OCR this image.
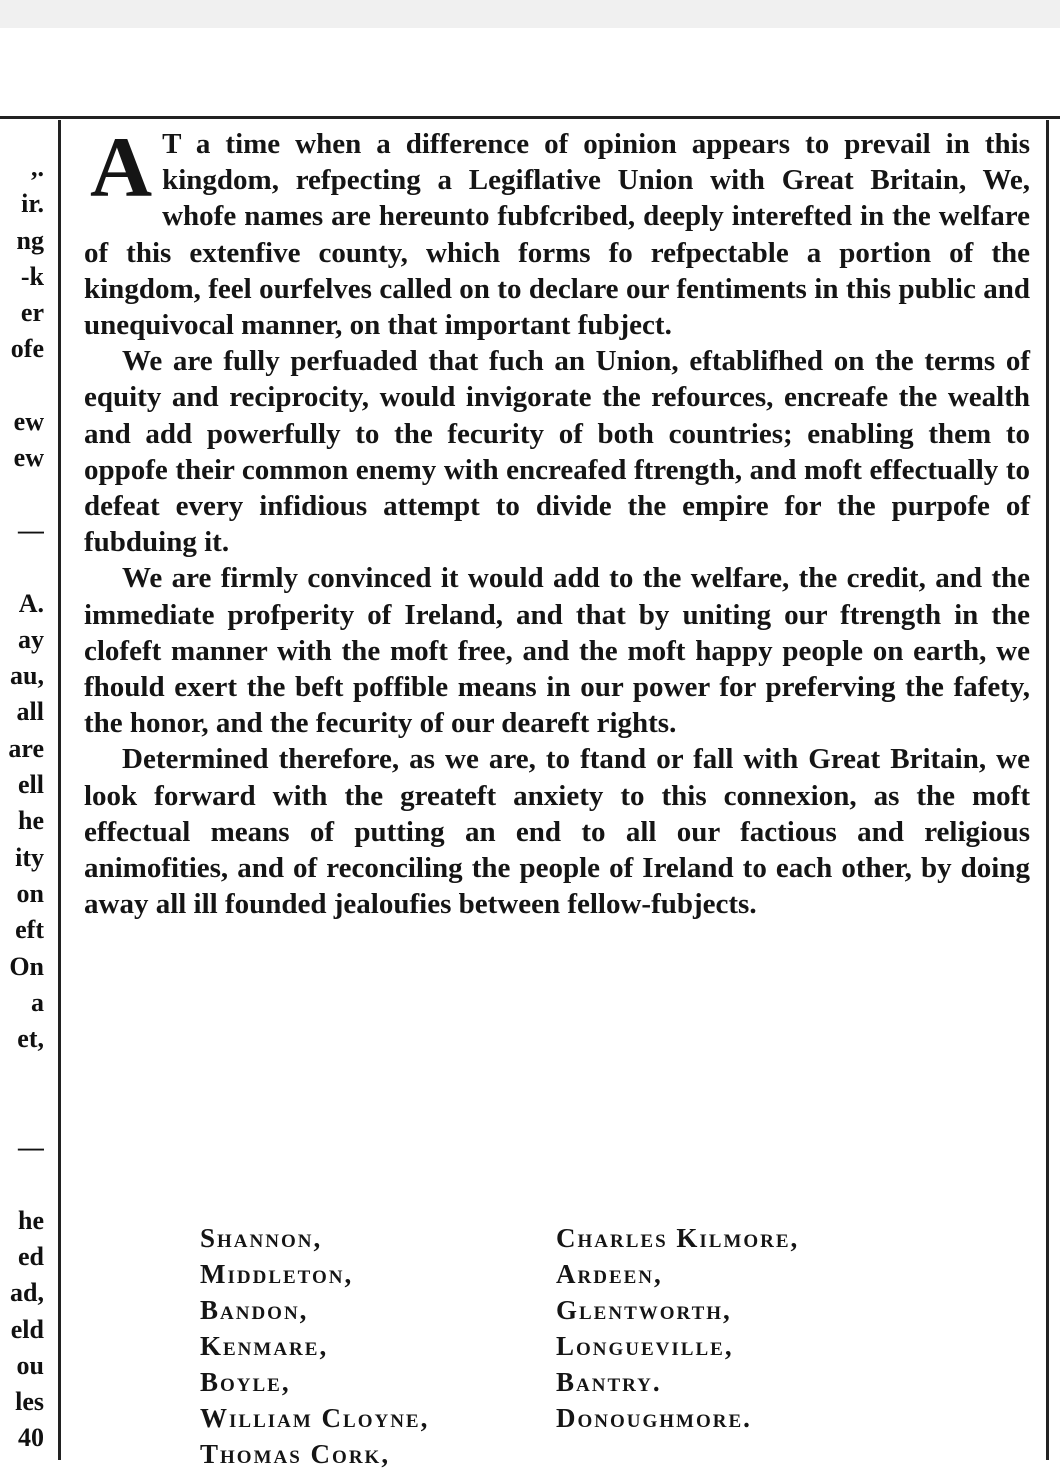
,.
ir.
ng
-k
er
ofe
ew
ew
—
A.
ay
au,
all
are
ell
he
ity
on
eft
On
a
et,
—
he
ed
ad,
eld
ou
les
40

A T a time when a difference of opinion appears to prevail in this kingdom, refpecting a Legiflative Union with Great Britain, We, whofe names are hereunto fubfcribed, deeply interefted in the welfare of this extenfive county, which forms fo refpectable a portion of the kingdom, feel ourfelves called on to declare our fentiments in this public and unequivocal manner, on that important fubject.

We are fully perfuaded that fuch an Union, eftablifhed on the terms of equity and reciprocity, would invigorate the refources, encreafe the wealth and add powerfully to the fecurity of both countries; enabling them to oppofe their common enemy with encreafed ftrength, and moft effectually to defeat every infidious attempt to divide the empire for the purpofe of fubduing it.

We are firmly convinced it would add to the welfare, the credit, and the immediate profperity of Ireland, and that by uniting our ftrength in the clofeft manner with the moft free, and the moft happy people on earth, we fhould exert the beft poffible means in our power for preferving the fafety, the honor, and the fecurity of our deareft rights.

Determined therefore, as we are, to ftand or fall with Great Britain, we look forward with the greateft anxiety to this connexion, as the moft effectual means of putting an end to all our factious and religious animofities, and of reconciling the people of Ireland to each other, by doing away all ill founded jealoufies between fellow-fubjects.

Shannon,
Middleton,
Bandon,
Kenmare,
Boyle,
William Cloyne,
Thomas Cork,
Charles Kilmore,
Ardeen,
Glentworth,
Longueville,
Bantry.
Donoughmore.
